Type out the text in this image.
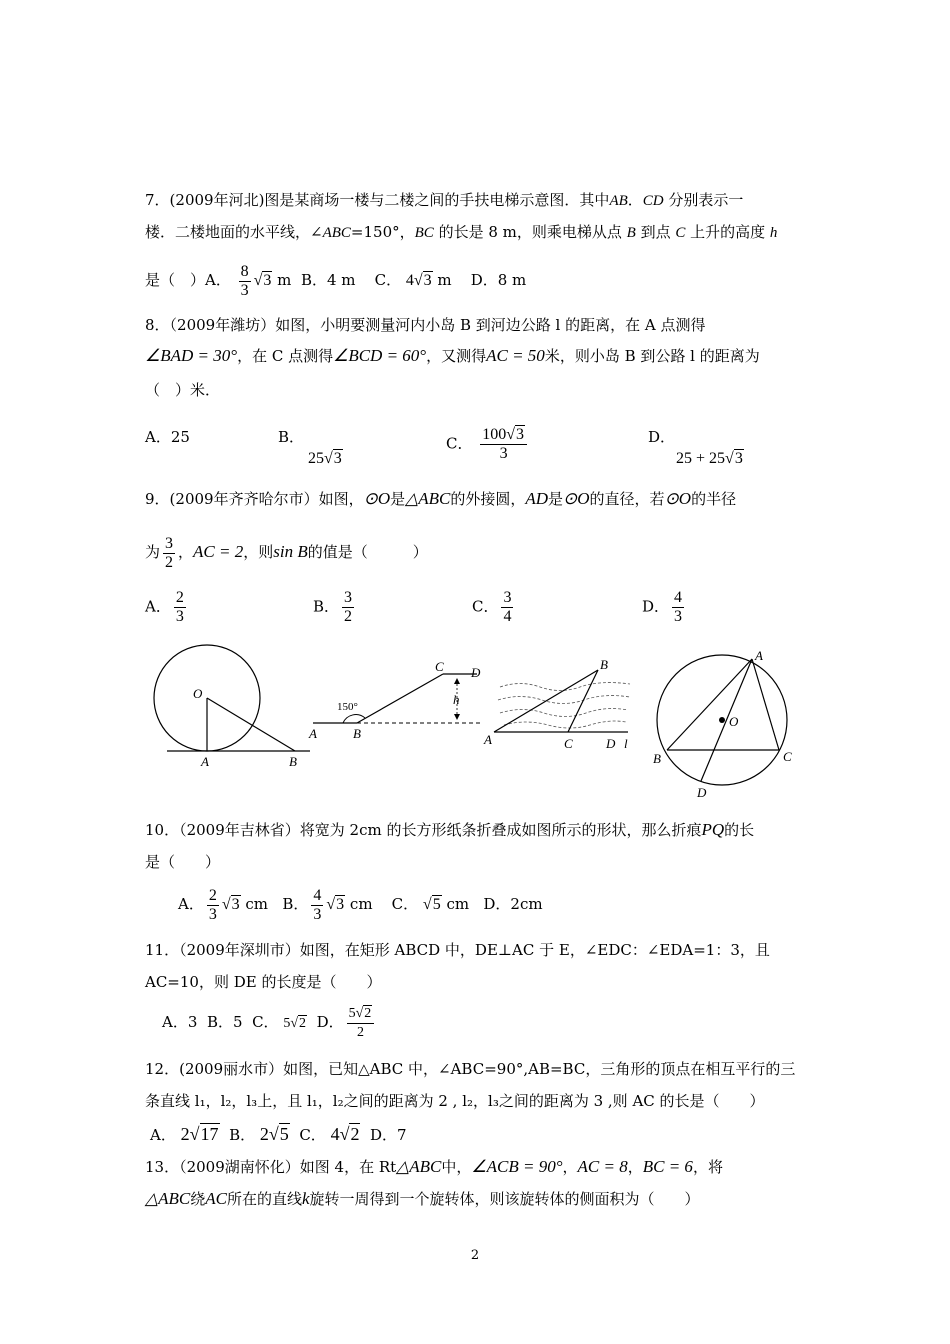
7．(2009年河北)图是某商场一楼与二楼之间的手扶电梯示意图．其中AB．CD 分别表示一
楼．二楼地面的水平线，∠ABC=150°，BC 的长是 8 m，则乘电梯从点 B 到点 C 上升的高度 h
是（　）A． $\frac{8}{3} √3$ m B．4 m C． 4√3 m D．8 m
8．（2009年潍坊）如图，小明要测量河内小岛 B 到河边公路 l 的距离，在 A 点测得
∠BAD = 30°，在 C 点测得∠BCD = 60°，又测得AC = 50米，则小岛 B 到公路 l 的距离为
（　）米．
A．25	B．
25√3
C． $\frac{100√3}{3}$	D．
25 + 25√3
9．(2009年齐齐哈尔市）如图，⊙O是△ABC的外接圆，AD是⊙O的直径，若⊙O的半径
为 $\frac{3}{2}$ ，AC = 2，则sin B的值是（　　　）
A． $\frac{2}{3}$	B． $\frac{3}{2}$	C． $\frac{3}{4}$	D． $\frac{4}{3}$
O
A	B
150°
A	B
C D
h
A
B
C	D l
A
B	C
D
O
10．（2009年吉林省）将宽为 2cm 的长方形纸条折叠成如图所示的形状，那么折痕PQ的长
是（　　）
A． $\frac{2}{3} √3$ cm B． $\frac{4}{3} √3$ cm C． √5 cm D．2cm
11．（2009年深圳市）如图，在矩形 ABCD 中，DE⊥AC 于 E，∠EDC：∠EDA=1：3，且
AC=10，则 DE 的长度是（　　）
A．3 B．5 C． 5√2 D． $\frac{5√2}{2}$
12．(2009丽水市）如图，已知△ABC 中，∠ABC=90°,AB=BC，三角形的顶点在相互平行的三
条直线 l₁，l₂，l₃上，且 l₁，l₂之间的距离为 2 , l₂，l₃之间的距离为 3 ,则 AC 的长是（　　）
A． 2√17 B． 2√5 C． 4√2 D．7
13．（2009湖南怀化）如图 4，在 Rt△ABC中，∠ACB = 90°，AC = 8，BC = 6，将
△ABC绕AC所在的直线k旋转一周得到一个旋转体，则该旋转体的侧面积为（　　）
2
